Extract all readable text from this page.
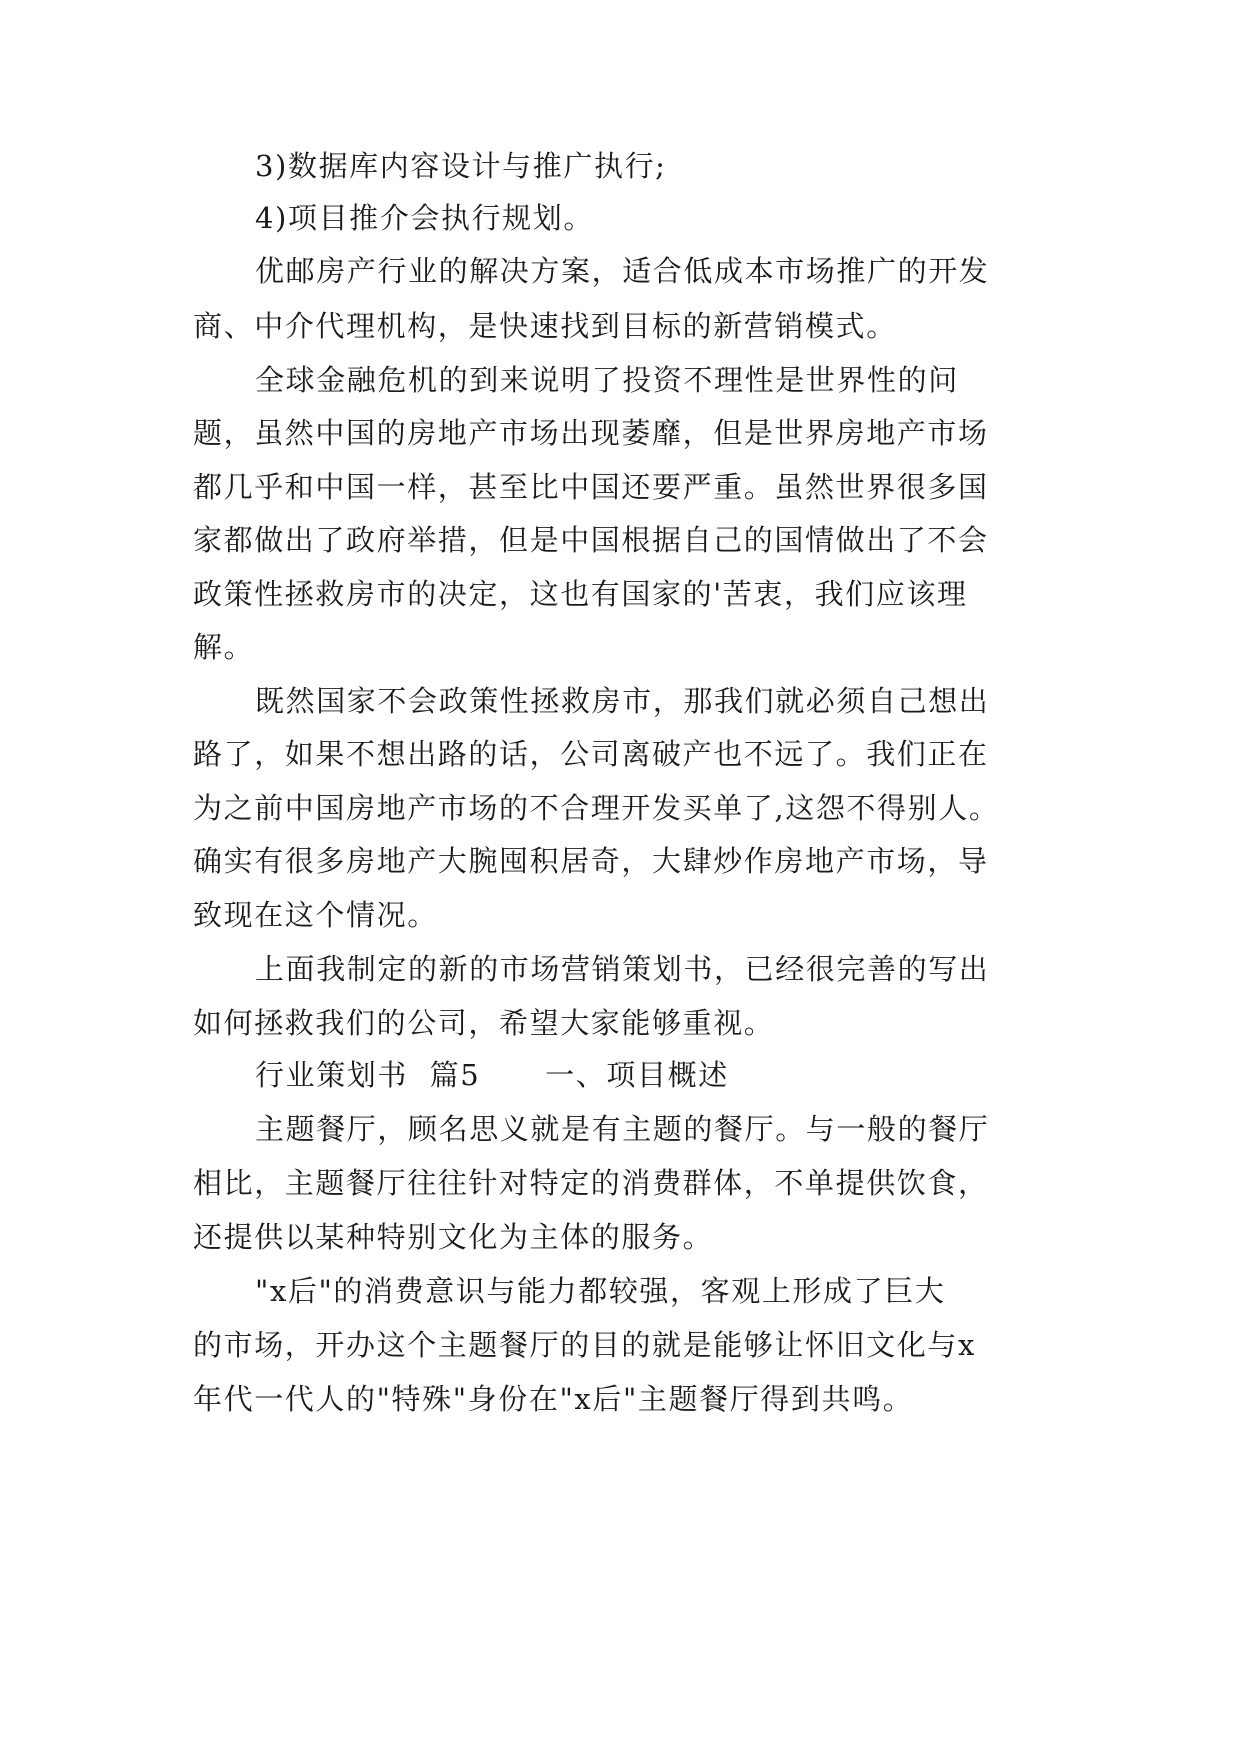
3)数据库内容设计与推广执行;
4)项目推介会执行规划。
优邮房产行业的解决方案，适合低成本市场推广的开发
商、中介代理机构，是快速找到目标的新营销模式。
全球金融危机的到来说明了投资不理性是世界性的问
题，虽然中国的房地产市场出现萎靡，但是世界房地产市场
都几乎和中国一样，甚至比中国还要严重。虽然世界很多国
家都做出了政府举措，但是中国根据自己的国情做出了不会
政策性拯救房市的决定，这也有国家的'苦衷，我们应该理
解。
既然国家不会政策性拯救房市，那我们就必须自己想出
路了，如果不想出路的话，公司离破产也不远了。我们正在
为之前中国房地产市场的不合理开发买单了,这怨不得别人。
确实有很多房地产大腕囤积居奇，大肆炒作房地产市场，导
致现在这个情况。
上面我制定的新的市场营销策划书，已经很完善的写出
如何拯救我们的公司，希望大家能够重视。
行业策划书  篇5      一、项目概述
主题餐厅，顾名思义就是有主题的餐厅。与一般的餐厅
相比，主题餐厅往往针对特定的消费群体，不单提供饮食，
还提供以某种特别文化为主体的服务。
"x后"的消费意识与能力都较强，客观上形成了巨大
的市场，开办这个主题餐厅的目的就是能够让怀旧文化与x
年代一代人的"特殊"身份在"x后"主题餐厅得到共鸣。
